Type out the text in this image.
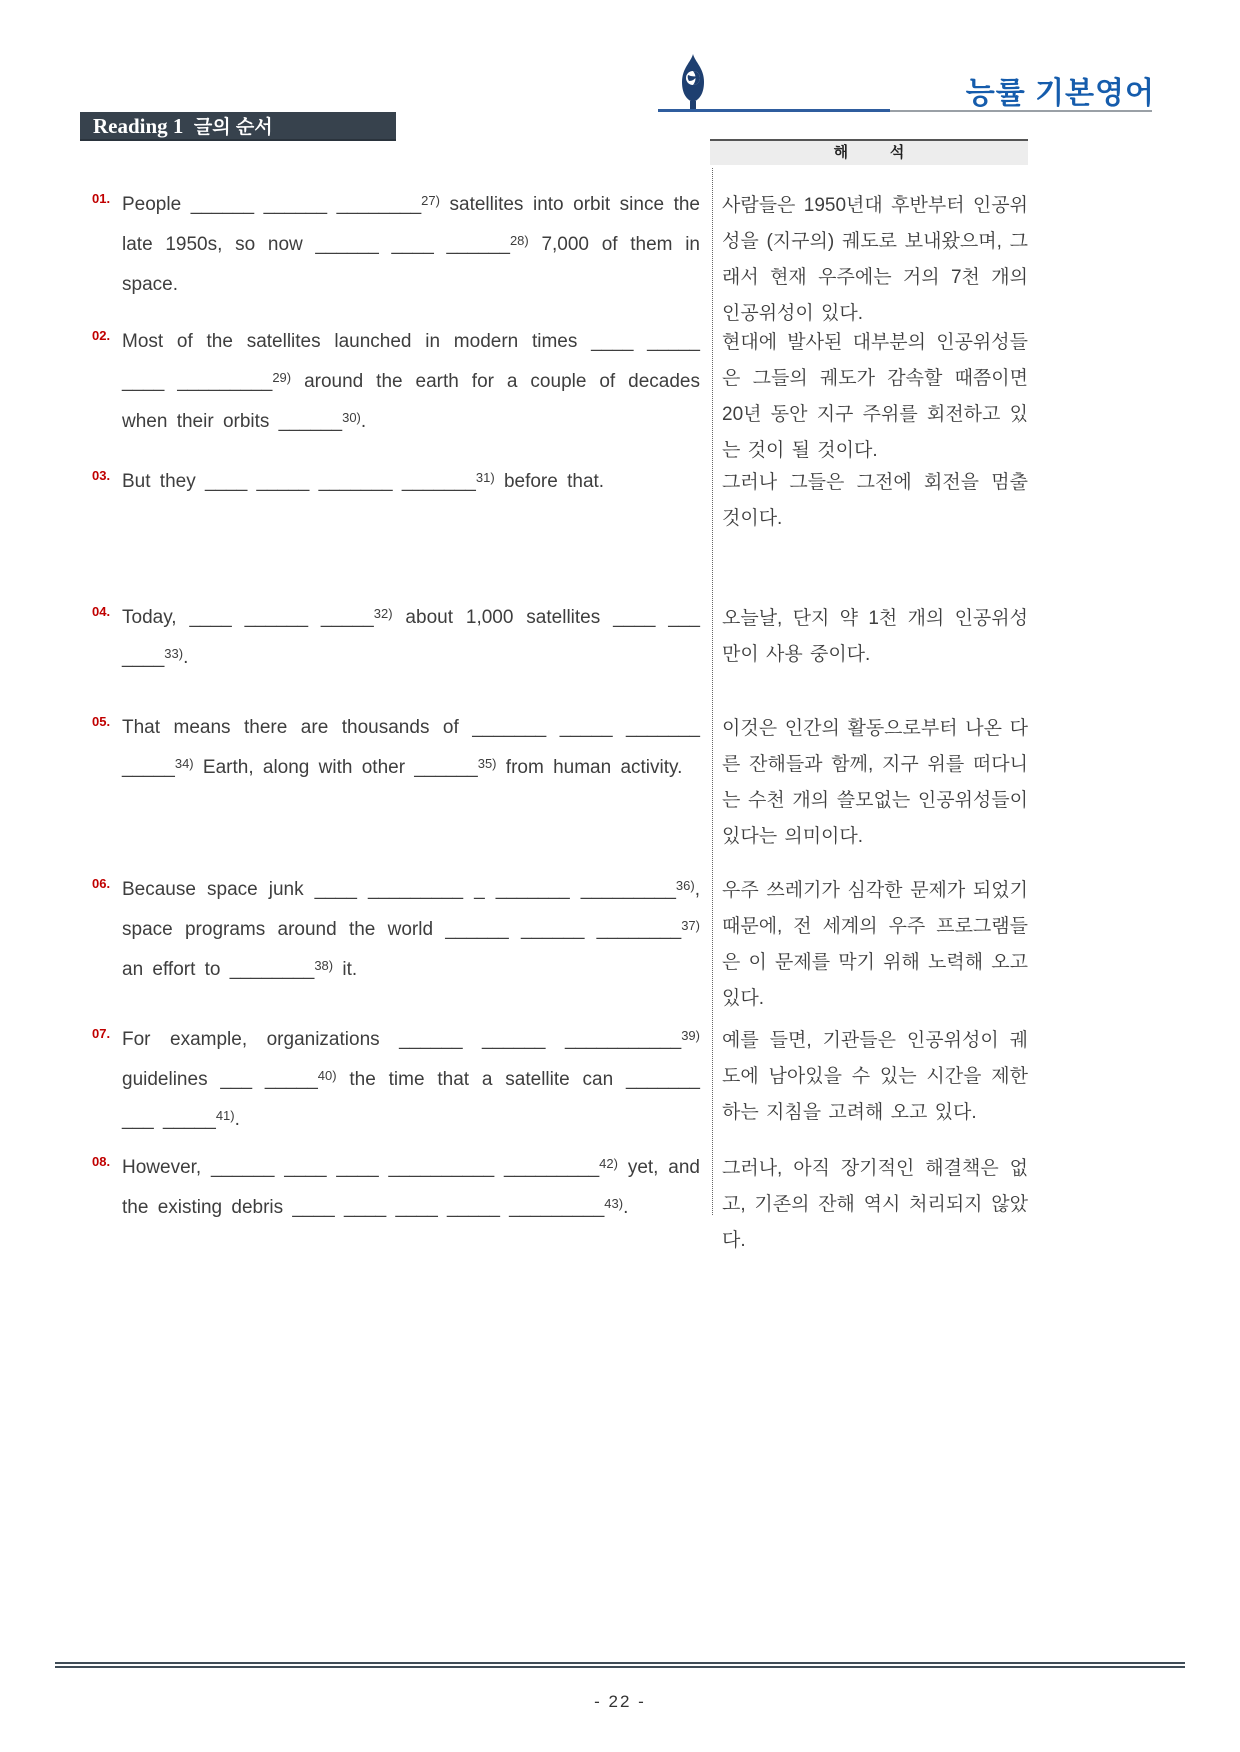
능률 기본영어
Reading 1 글의 순서
해          석
01. People ______ ______ ________$^{27)}$ satellites into orbit since the late 1950s, so now ______ ____ ______$^{28)}$ 7,000 of them in space.
사람들은 1950년대 후반부터 인공위성을 (지구의) 궤도로 보내왔으며, 그래서 현재 우주에는 거의 7천 개의 인공위성이 있다.
02. Most of the satellites launched in modern times ____ _____ ____ _________$^{29)}$ around the earth for a couple of decades when their orbits ______$^{30)}$.
현대에 발사된 대부분의 인공위성들은 그들의 궤도가 감속할 때쯤이면 20년 동안 지구 주위를 회전하고 있는 것이 될 것이다.
03. But they ____ _____ _______ _______$^{31)}$ before that.	그러나 그들은 그전에 회전을 멈출 것이다.
04. Today, ____ ______ _____$^{32)}$ about 1,000 satellites ____ ___ ____$^{33)}$.
오늘날, 단지 약 1천 개의 인공위성만이 사용 중이다.
05. That means there are thousands of _______ _____ _______ _____$^{34)}$ Earth, along with other ______$^{35)}$ from human activity.
이것은 인간의 활동으로부터 나온 다른 잔해들과 함께, 지구 위를 떠다니는 수천 개의 쓸모없는 인공위성들이 있다는 의미이다.
06. Because space junk ____ _________ _ _______ _________$^{36)}$, space programs around the world ______ ______ ________$^{37)}$ an effort to ________$^{38)}$ it.
우주 쓰레기가 심각한 문제가 되었기 때문에, 전 세계의 우주 프로그램들은 이 문제를 막기 위해 노력해 오고 있다.
07. For example, organizations ______ ______ ___________$^{39)}$ guidelines ___ _____$^{40)}$ the time that a satellite can _______ ___ _____$^{41)}$.
예를 들면, 기관들은 인공위성이 궤도에 남아있을 수 있는 시간을 제한하는 지침을 고려해 오고 있다.
08. However, ______ ____ ____ __________ _________$^{42)}$ yet, and the existing debris ____ ____ ____ _____ _________$^{43)}$.
그러나, 아직 장기적인 해결책은 없고, 기존의 잔해 역시 처리되지 않았다.
- 22 -
